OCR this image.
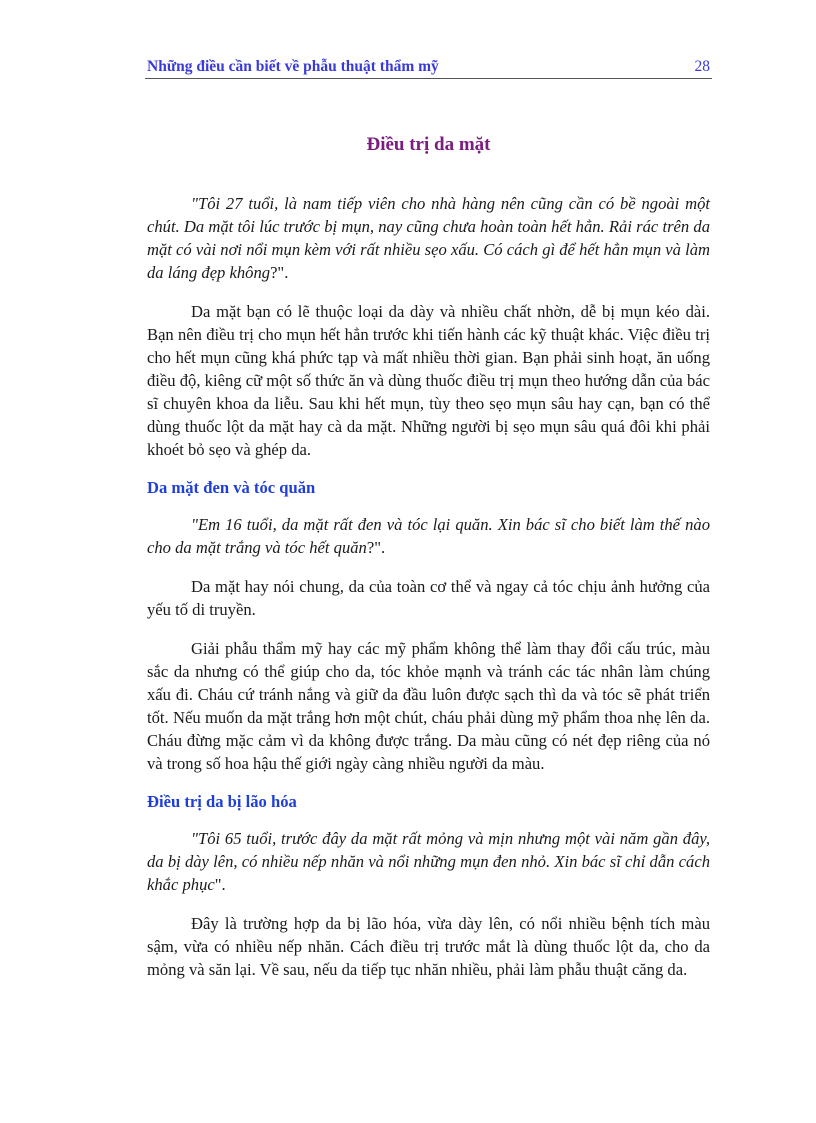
Những điều cần biết về phẫu thuật thẩm mỹ	28
Điều trị da mặt

"Tôi 27 tuổi, là nam tiếp viên cho nhà hàng nên cũng cần có bề ngoài một chút. Da mặt tôi lúc trước bị mụn, nay cũng chưa hoàn toàn hết hẳn. Rải rác trên da mặt có vài nơi nổi mụn kèm với rất nhiều sẹo xấu. Có cách gì để hết hẳn mụn và làm da láng đẹp không?".

Da mặt bạn có lẽ thuộc loại da dày và nhiều chất nhờn, dễ bị mụn kéo dài. Bạn nên điều trị cho mụn hết hẳn trước khi tiến hành các kỹ thuật khác. Việc điều trị cho hết mụn cũng khá phức tạp và mất nhiều thời gian. Bạn phải sinh hoạt, ăn uống điều độ, kiêng cữ một số thức ăn và dùng thuốc điều trị mụn theo hướng dẫn của bác sĩ chuyên khoa da liễu. Sau khi hết mụn, tùy theo sẹo mụn sâu hay cạn, bạn có thể dùng thuốc lột da mặt hay cà da mặt. Những người bị sẹo mụn sâu quá đôi khi phải khoét bỏ sẹo và ghép da.

Da mặt đen và tóc quăn

"Em 16 tuổi, da mặt rất đen và tóc lại quăn. Xin bác sĩ cho biết làm thế nào cho da mặt trắng và tóc hết quăn?".

Da mặt hay nói chung, da của toàn cơ thể và ngay cả tóc chịu ảnh hưởng của yếu tố di truyền.

Giải phẫu thẩm mỹ hay các mỹ phẩm không thể làm thay đổi cấu trúc, màu sắc da nhưng có thể giúp cho da, tóc khỏe mạnh và tránh các tác nhân làm chúng xấu đi. Cháu cứ tránh nắng và giữ da đầu luôn được sạch thì da và tóc sẽ phát triển tốt. Nếu muốn da mặt trắng hơn một chút, cháu phải dùng mỹ phẩm thoa nhẹ lên da. Cháu đừng mặc cảm vì da không được trắng. Da màu cũng có nét đẹp riêng của nó và trong số hoa hậu thế giới ngày càng nhiều người da màu.

Điều trị da bị lão hóa

"Tôi 65 tuổi, trước đây da mặt rất mỏng và mịn nhưng một vài năm gần đây, da bị dày lên, có nhiều nếp nhăn và nổi những mụn đen nhỏ. Xin bác sĩ chỉ dẫn cách khắc phục".

Đây là trường hợp da bị lão hóa, vừa dày lên, có nổi nhiều bệnh tích màu sậm, vừa có nhiều nếp nhăn. Cách điều trị trước mắt là dùng thuốc lột da, cho da mỏng và săn lại. Về sau, nếu da tiếp tục nhăn nhiều, phải làm phẫu thuật căng da.
